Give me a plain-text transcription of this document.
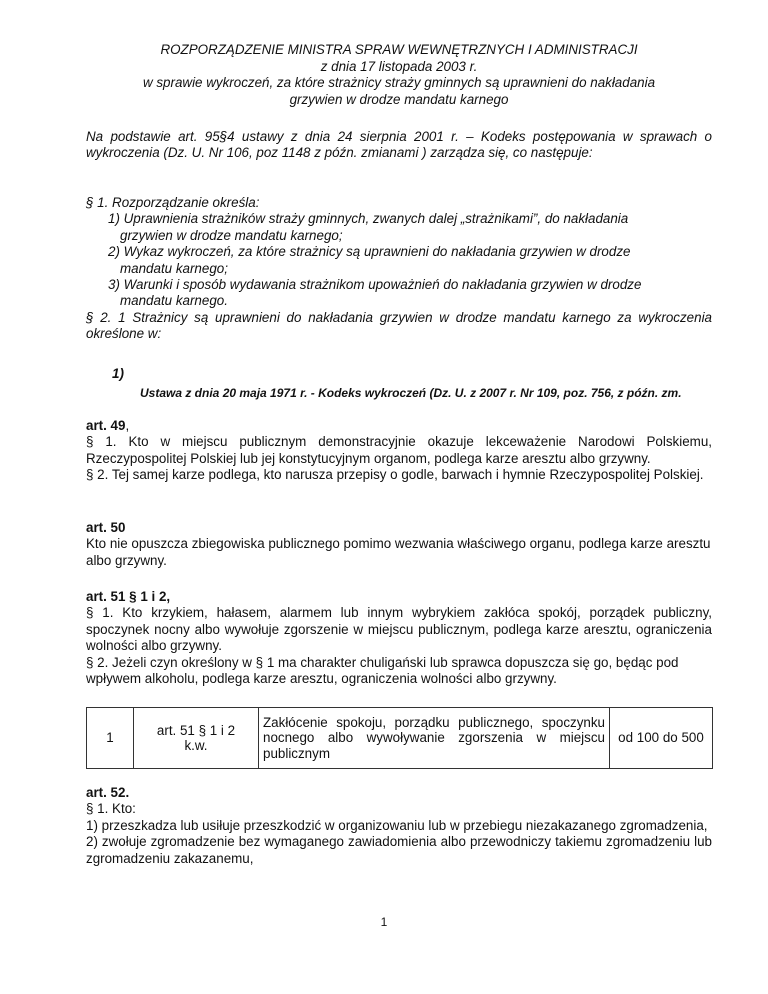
ROZPORZĄDZENIE MINISTRA SPRAW WEWNĘTRZNYCH I ADMINISTRACJI
z dnia 17 listopada 2003 r.
w sprawie wykroczeń, za które strażnicy straży gminnych są uprawnieni do nakładania
grzywien w drodze mandatu karnego

Na podstawie art. 95§4 ustawy z dnia 24 sierpnia 2001 r. – Kodeks postępowania w sprawach o wykroczenia (Dz. U. Nr 106, poz 1148 z późn. zmianami ) zarządza się, co następuje:

§ 1. Rozporządzanie określa:
1) Uprawnienia strażników straży gminnych, zwanych dalej „strażnikami”, do nakładania
grzywien w drodze mandatu karnego;
2) Wykaz wykroczeń, za które strażnicy są uprawnieni do nakładania grzywien w drodze
mandatu karnego;
3) Warunki i sposób wydawania strażnikom upoważnień do nakładania grzywien w drodze
mandatu karnego.

§ 2. 1 Strażnicy są uprawnieni do nakładania grzywien w drodze mandatu karnego za wykroczenia określone w:

1)
Ustawa z dnia 20 maja 1971 r. - Kodeks wykroczeń (Dz. U. z 2007 r. Nr 109, poz. 756, z późn. zm.
art. 49,

§ 1. Kto w miejscu publicznym demonstracyjnie okazuje lekceważenie Narodowi Polskiemu, Rzeczypospolitej Polskiej lub jej konstytucyjnym organom, podlega karze aresztu albo grzywny.

§ 2. Tej samej karze podlega, kto narusza przepisy o godle, barwach i hymnie Rzeczypospolitej Polskiej.

art. 50

Kto nie opuszcza zbiegowiska publicznego pomimo wezwania właściwego organu, podlega karze aresztu albo grzywny.

art. 51 § 1 i 2,

§ 1. Kto krzykiem, hałasem, alarmem lub innym wybrykiem zakłóca spokój, porządek publiczny, spoczynek nocny albo wywołuje zgorszenie w miejscu publicznym, podlega karze aresztu, ograniczenia wolności albo grzywny.

§ 2. Jeżeli czyn określony w § 1 ma charakter chuligański lub sprawca dopuszcza się go, będąc pod wpływem alkoholu, podlega karze aresztu, ograniczenia wolności albo grzywny.

1	art. 51 § 1 i 2 k.w.	Zakłócenie spokoju, porządku publicznego, spoczynku nocnego albo wywoływanie zgorszenia w miejscu publicznym	od 100 do 500
art. 52.

§ 1. Kto:

1) przeszkadza lub usiłuje przeszkodzić w organizowaniu lub w przebiegu niezakazanego zgromadzenia,

2) zwołuje zgromadzenie bez wymaganego zawiadomienia albo przewodniczy takiemu zgromadzeniu lub zgromadzeniu zakazanemu,

1
